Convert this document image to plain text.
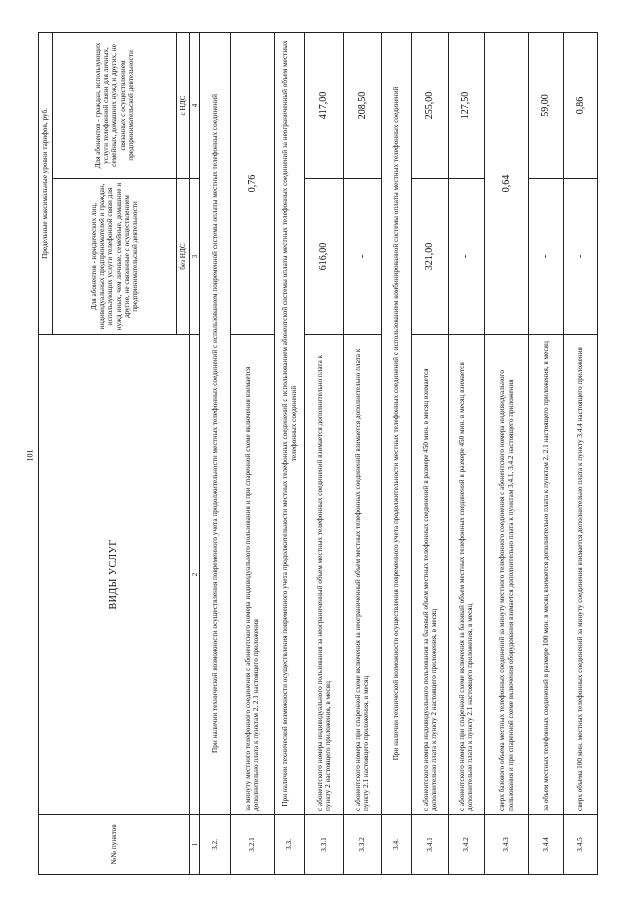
101
№№ пунктов	ВИДЫ УСЛУГ	Предельные максимальные уровни тарифов, руб.	
		Для абонентов - юридических лиц, индивидуальных предпринимателей и граждан, использующих услуги телефонной связи для нужд иных, чем личные, семейные, домашние и другие, не связанные с осуществлением предпринимательской деятельности	Для абонентов - граждан, использующих услуги телефонной связи для личных, семейных, домашних нужд и других, не связанных с осуществлением предпринимательской деятельности
		без НДС	с НДС
1	2	3	4
3.2.	При наличии технической возможности осуществления повременного учета продолжительности местных телефонных соединений с использованием повременной системы оплаты местных телефонных соединений		
3.2.1	за минуту местного телефонного соединения с абонентского номера индивидуального пользования и при спаренной схеме включения взимается дополнительно плата к пунктам 2, 2.1 настоящего приложения	0,76	
3.3.	При наличии технической возможности осуществления повременного учета продолжительности местных телефонных соединений с использованием абонентской системы оплаты местных телефонных соединений за неограниченный объем местных телефонных соединений		
3.3.1	с абонентского номера индивидуального пользования за неограниченный объем местных телефонных соединений взимается дополнительно плата к пункту 2 настоящего приложения, в месяц	616,00	417,00
3.3.2	с абонентского номера при спаренной схеме включения за неограниченный объем местных телефонных соединений взимается дополнительно плата к пункту 2.1 настоящего приложения, в месяц	-	208,50
3.4.	При наличии технической возможности осуществления повременного учета продолжительности местных телефонных соединений с использованием комбинированной системы оплаты местных телефонных соединений		
3.4.1	с абонентского номера индивидуального пользования за базовый объем местных телефонных соединений в размере 450 мин. в месяц взимается дополнительно плата к пункту 2 настоящего приложения, в месяц	321,00	255,00
3.4.2	с абонентского номера при спаренной схеме включения за базовый объем местных телефонных соединений в размере 450 мин. в месяц взимается дополнительно плата к пункту 2.1 настоящего приложения, в месяц	-	127,50
3.4.3	сверх базового объема местных телефонных соединений за минуту местного телефонного соединения с абонентского номера индивидуального пользования и при спаренной схеме включения оборудования взимается дополнительно плата к пунктам 3.4.1, 3.4.2 настоящего приложения	0,64	
3.4.4	за объем местных телефонных соединений в размере 100 мин. в месяц взимается дополнительно плата к пунктам 2, 2.1 настоящего приложения, в месяц	-	59,00
3.4.5	сверх объема 100 мин. местных телефонных соединений за минуту соединения взимается дополнительно плата к пункту 3.4.4 настоящего приложения	-	0,86
